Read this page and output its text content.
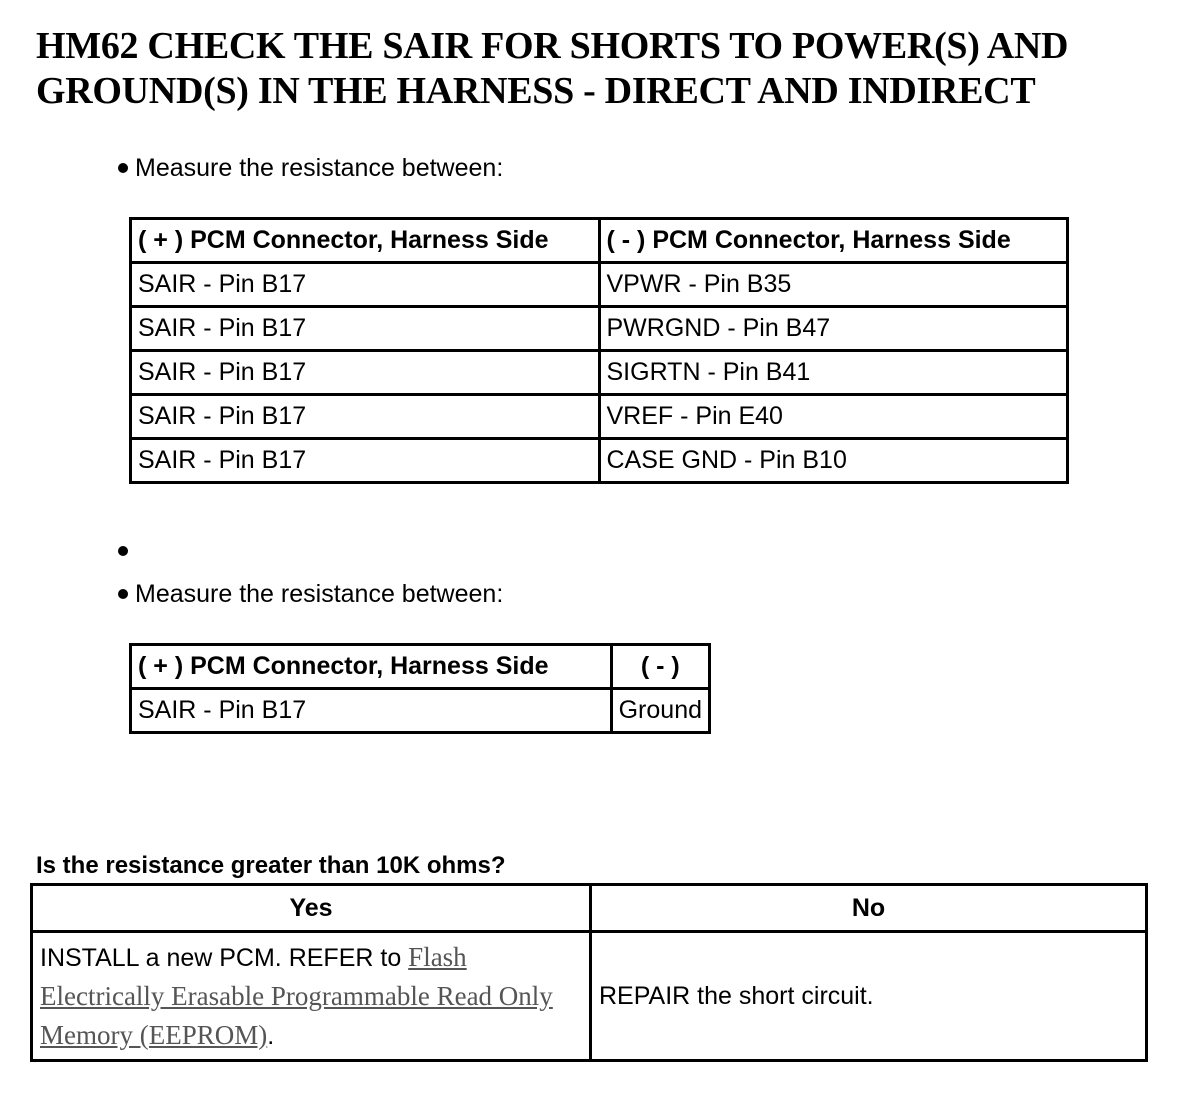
HM62 CHECK THE SAIR FOR SHORTS TO POWER(S) AND GROUND(S) IN THE HARNESS - DIRECT AND INDIRECT
Measure the resistance between:
( + ) PCM Connector, Harness Side	( - ) PCM Connector, Harness Side
SAIR - Pin B17	VPWR - Pin B35
SAIR - Pin B17	PWRGND - Pin B47
SAIR - Pin B17	SIGRTN - Pin B41
SAIR - Pin B17	VREF - Pin E40
SAIR - Pin B17	CASE GND - Pin B10
Measure the resistance between:
( + ) PCM Connector, Harness Side	( - )
SAIR - Pin B17	Ground
Is the resistance greater than 10K ohms?
Yes	No
INSTALL a new PCM. REFER to Flash Electrically Erasable Programmable Read Only Memory (EEPROM).	REPAIR the short circuit.
